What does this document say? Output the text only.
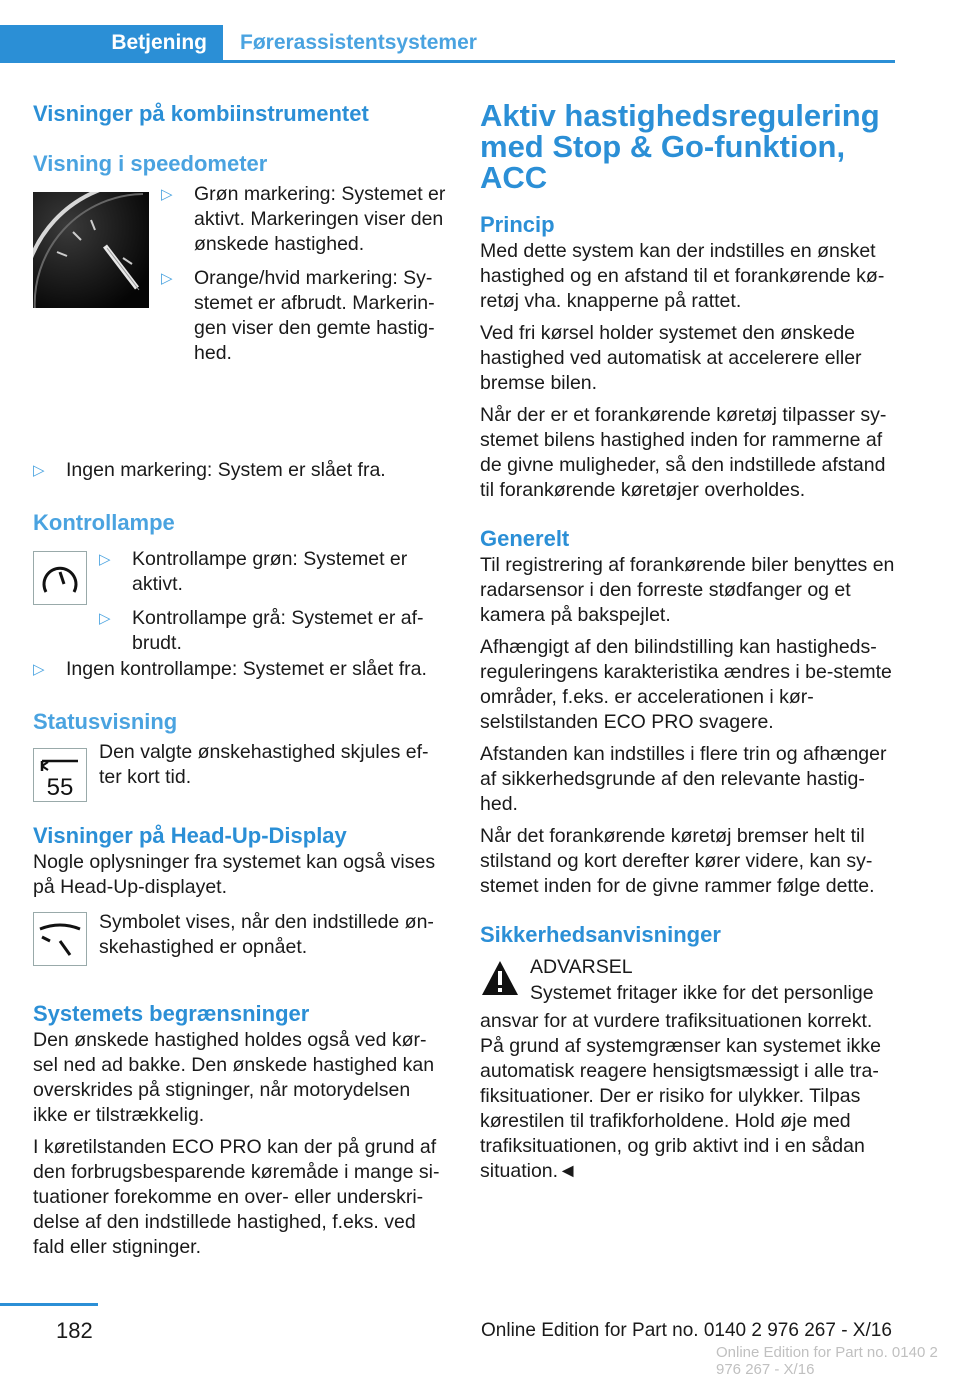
Betjening Førerassistentsystemer
Visninger på kombiinstrumentet
Visning i speedometer
▷ Grøn markering: Systemet er aktivt. Markeringen viser den ønskede hastighed.
▷ Orange/hvid markering: Sy-stemet er afbrudt. Markerin-gen viser den gemte hastig-hed.
▷ Ingen markering: System er slået fra.
Kontrollampe
▷ Kontrollampe grøn: Systemet er aktivt.
▷ Kontrollampe grå: Systemet er af-brudt.
▷ Ingen kontrollampe: Systemet er slået fra.
Statusvisning
55

Den valgte ønskehastighed skjules ef-ter kort tid.

Visninger på Head-Up-Display

Nogle oplysninger fra systemet kan også vises på Head-Up-displayet.

Symbolet vises, når den indstillede øn-skehastighed er opnået.

Systemets begrænsninger

Den ønskede hastighed holdes også ved kør-sel ned ad bakke. Den ønskede hastighed kan overskrides på stigninger, når motorydelsen ikke er tilstrækkelig.

I køretilstanden ECO PRO kan der på grund af den forbrugsbesparende køremåde i mange si-tuationer forekomme en over- eller underskri-delse af den indstillede hastighed, f.eks. ved fald eller stigninger.

Aktiv hastighedsregulering med Stop & Go-funktion, ACC
Princip

Med dette system kan der indstilles en ønsket hastighed og en afstand til et forankørende kø-retøj vha. knapperne på rattet.

Ved fri kørsel holder systemet den ønskede hastighed ved automatisk at accelerere eller bremse bilen.

Når der er et forankørende køretøj tilpasser sy-stemet bilens hastighed inden for rammerne af de givne muligheder, så den indstillede afstand til forankørende køretøjer overholdes.

Generelt

Til registrering af forankørende biler benyttes en radarsensor i den forreste stødfanger og et kamera på bakspejlet.

Afhængigt af den bilindstilling kan hastigheds-reguleringens karakteristika ændres i be-stemte områder, f.eks. er accelerationen i kør-selstilstanden ECO PRO svagere.

Afstanden kan indstilles i flere trin og afhænger af sikkerhedsgrunde af den relevante hastig-hed.

Når det forankørende køretøj bremser helt til stilstand og kort derefter kører videre, kan sy-stemet inden for de givne rammer følge dette.

Sikkerhedsanvisninger

ADVARSEL

Systemet fritager ikke for det personlige

ansvar for at vurdere trafiksituationen korrekt. På grund af systemgrænser kan systemet ikke automatisk reagere hensigtsmæssigt i alle tra-fiksituationer. Der er risiko for ulykker. Tilpas kørestilen til trafikforholdene. Hold øje med trafiksituationen, og grib aktivt ind i en sådan situation.◄

182	Online Edition for Part no. 0140 2 976 267 - X/16
Online Edition for Part no. 0140 2 976 267 - X/16
